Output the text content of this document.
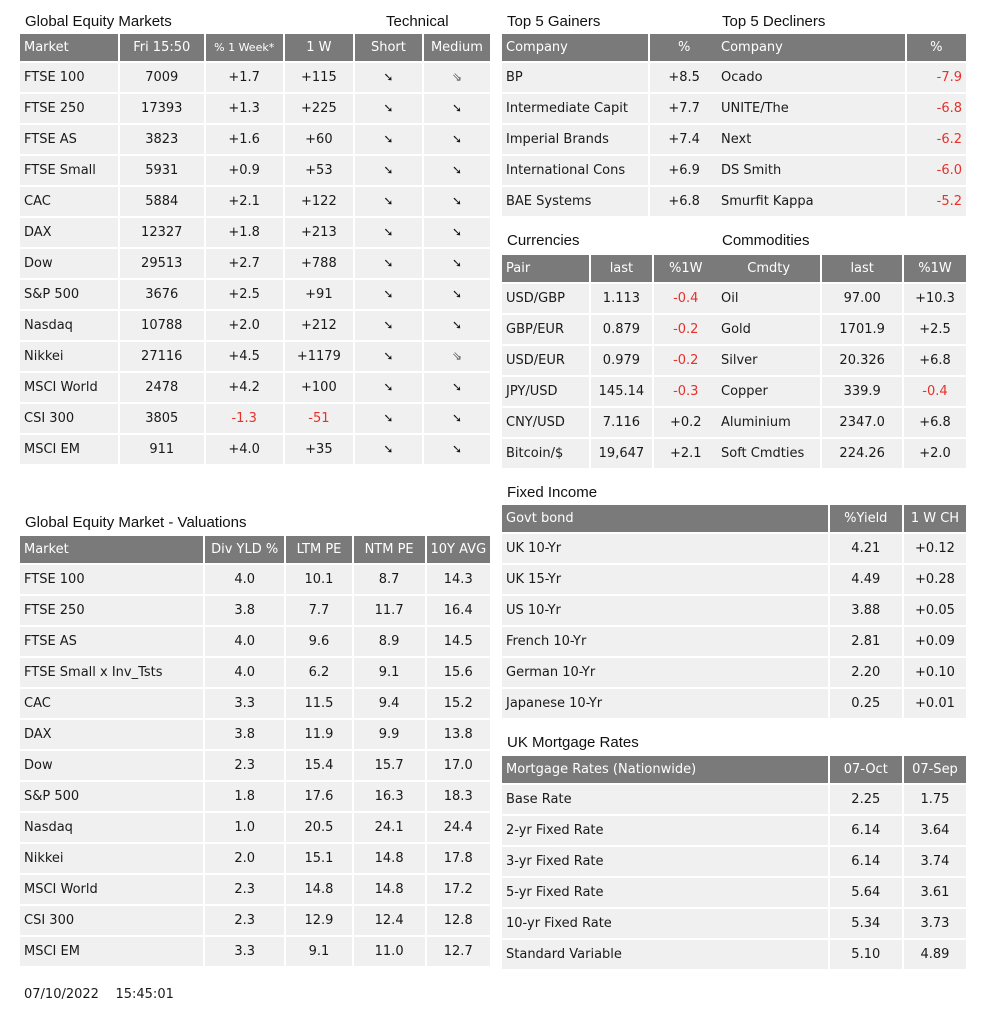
Global Equity Markets	Technical	Top 5 Gainers	Top 5 Decliners
Currencies	Commodities
Global Equity Market - Valuations
Fixed Income
UK Mortgage Rates
Market	Fri 15:50	% 1 Week*	1 W	Short	Medium
FTSE 100	7009	+1.7	+115	➘	⇘
FTSE 250	17393	+1.3	+225	➘	➘
FTSE AS	3823	+1.6	+60	➘	➘
FTSE Small	5931	+0.9	+53	➘	➘
CAC	5884	+2.1	+122	➘	➘
DAX	12327	+1.8	+213	➘	➘
Dow	29513	+2.7	+788	➘	➘
S&P 500	3676	+2.5	+91	➘	➘
Nasdaq	10788	+2.0	+212	➘	➘
Nikkei	27116	+4.5	+1179	➘	⇘
MSCI World	2478	+4.2	+100	➘	➘
CSI 300	3805	-1.3	-51	➘	➘
MSCI EM	911	+4.0	+35	➘	➘
Company	%
BP	+8.5
Intermediate Capit	+7.7
Imperial Brands	+7.4
International Cons	+6.9
BAE Systems	+6.8
Company	%
Ocado	-7.9
UNITE/The	-6.8
Next	-6.2
DS Smith	-6.0
Smurfit Kappa	-5.2
Pair	last	%1W
USD/GBP	1.113	-0.4
GBP/EUR	0.879	-0.2
USD/EUR	0.979	-0.2
JPY/USD	145.14	-0.3
CNY/USD	7.116	+0.2
Bitcoin/$	19,647	+2.1
Cmdty	last	%1W
Oil	97.00	+10.3
Gold	1701.9	+2.5
Silver	20.326	+6.8
Copper	339.9	-0.4
Aluminium	2347.0	+6.8
Soft Cmdties	224.26	+2.0
Market	Div YLD %	LTM PE	NTM PE	10Y AVG
FTSE 100	4.0	10.1	8.7	14.3
FTSE 250	3.8	7.7	11.7	16.4
FTSE AS	4.0	9.6	8.9	14.5
FTSE Small x Inv_Tsts	4.0	6.2	9.1	15.6
CAC	3.3	11.5	9.4	15.2
DAX	3.8	11.9	9.9	13.8
Dow	2.3	15.4	15.7	17.0
S&P 500	1.8	17.6	16.3	18.3
Nasdaq	1.0	20.5	24.1	24.4
Nikkei	2.0	15.1	14.8	17.8
MSCI World	2.3	14.8	14.8	17.2
CSI 300	2.3	12.9	12.4	12.8
MSCI EM	3.3	9.1	11.0	12.7
Govt bond	%Yield	1 W CH
UK 10-Yr	4.21	+0.12
UK 15-Yr	4.49	+0.28
US 10-Yr	3.88	+0.05
French 10-Yr	2.81	+0.09
German 10-Yr	2.20	+0.10
Japanese 10-Yr	0.25	+0.01
Mortgage Rates (Nationwide)	07-Oct	07-Sep
Base Rate	2.25	1.75
2-yr Fixed Rate	6.14	3.64
3-yr Fixed Rate	6.14	3.74
5-yr Fixed Rate	5.64	3.61
10-yr Fixed Rate	5.34	3.73
Standard Variable	5.10	4.89
07/10/2022 15:45:01
